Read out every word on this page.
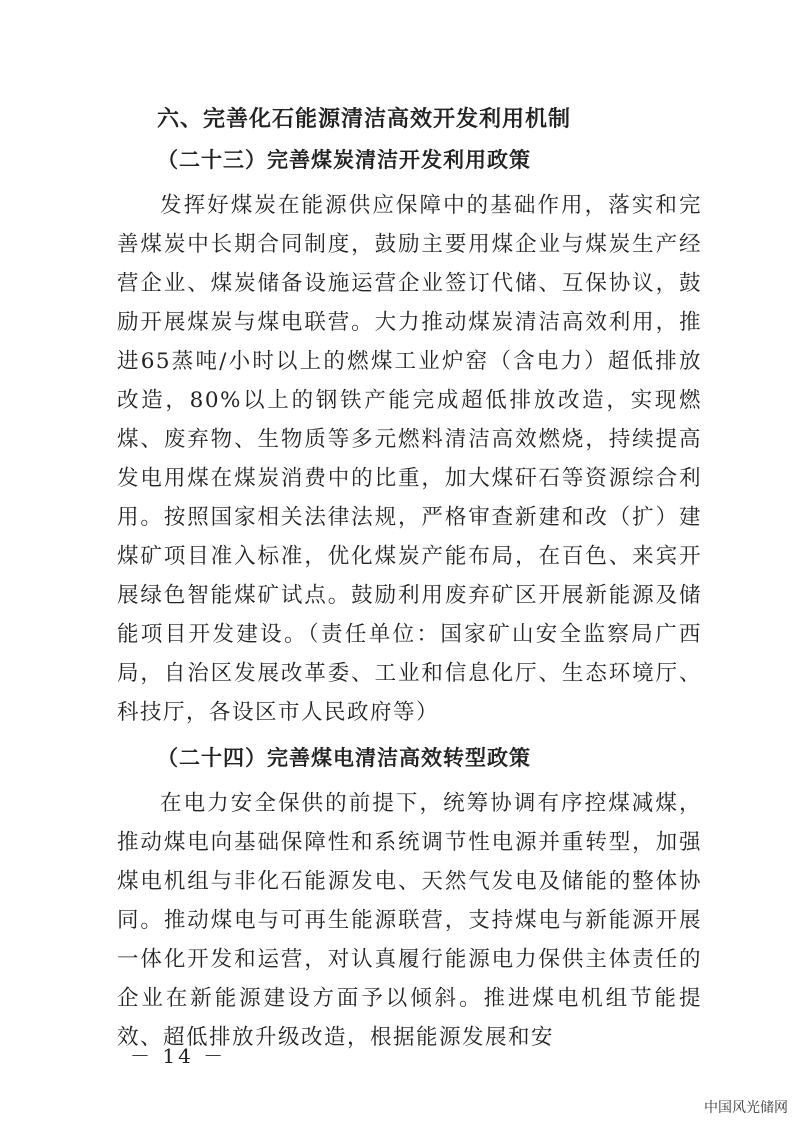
六、完善化石能源清洁高效开发利用机制

（二十三）完善煤炭清洁开发利用政策

发挥好煤炭在能源供应保障中的基础作用，落实和完善煤炭中长期合同制度，鼓励主要用煤企业与煤炭生产经营企业、煤炭储备设施运营企业签订代储、互保协议，鼓励开展煤炭与煤电联营。大力推动煤炭清洁高效利用，推进65蒸吨/小时以上的燃煤工业炉窑（含电力）超低排放改造，80%以上的钢铁产能完成超低排放改造，实现燃煤、废弃物、生物质等多元燃料清洁高效燃烧，持续提高发电用煤在煤炭消费中的比重，加大煤矸石等资源综合利用。按照国家相关法律法规，严格审查新建和改（扩）建煤矿项目准入标准，优化煤炭产能布局，在百色、来宾开展绿色智能煤矿试点。鼓励利用废弃矿区开展新能源及储能项目开发建设。（责任单位：国家矿山安全监察局广西局，自治区发展改革委、工业和信息化厅、生态环境厅、科技厅，各设区市人民政府等）

（二十四）完善煤电清洁高效转型政策

在电力安全保供的前提下，统筹协调有序控煤减煤，推动煤电向基础保障性和系统调节性电源并重转型，加强煤电机组与非化石能源发电、天然气发电及储能的整体协同。推动煤电与可再生能源联营，支持煤电与新能源开展一体化开发和运营，对认真履行能源电力保供主体责任的企业在新能源建设方面予以倾斜。推进煤电机组节能提效、超低排放升级改造，根据能源发展和安

－ 14 －
中国风光储网
